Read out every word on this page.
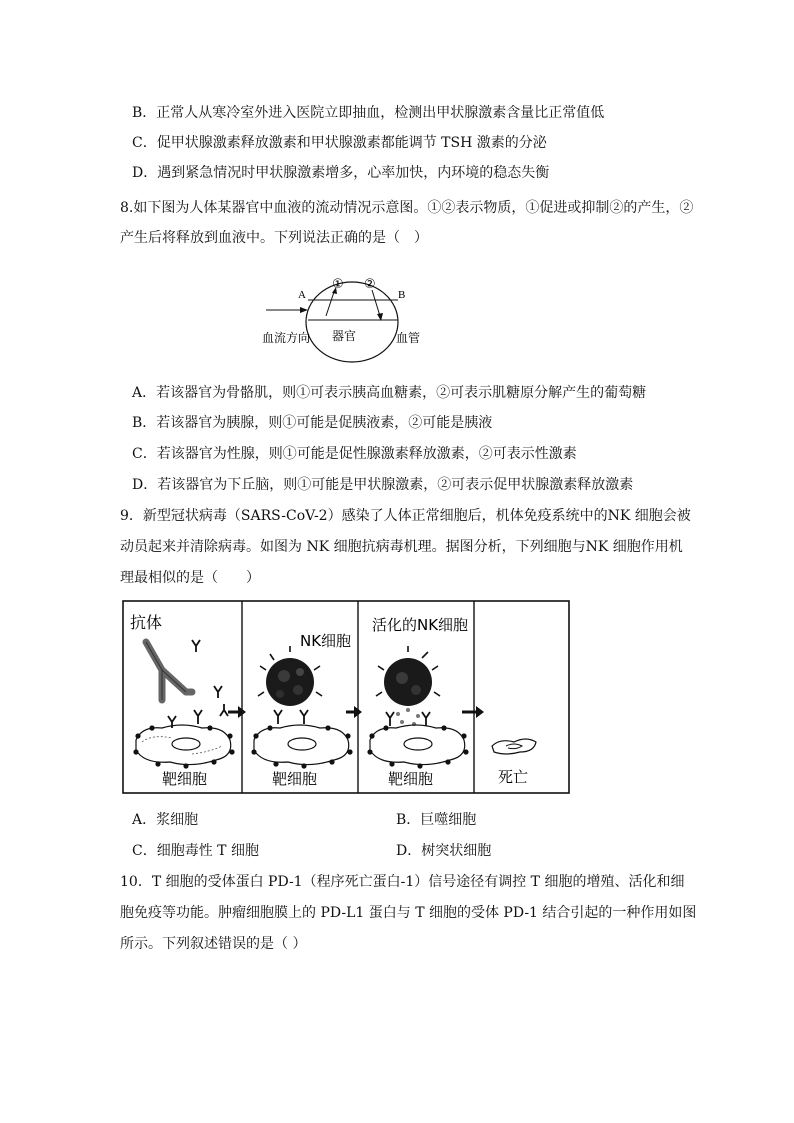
B．正常人从寒冷室外进入医院立即抽血，检测出甲状腺激素含量比正常值低
C．促甲状腺激素释放激素和甲状腺激素都能调节 TSH 激素的分泌
D．遇到紧急情况时甲状腺激素增多，心率加快，内环境的稳态失衡
8.如下图为人体某器官中血液的流动情况示意图。①②表示物质，①促进或抑制②的产生，②
产生后将释放到血液中。下列说法正确的是（　）
A	B
① ②
血流方向 器官	血管
A．若该器官为骨骼肌，则①可表示胰高血糖素，②可表示肌糖原分解产生的葡萄糖
B．若该器官为胰腺，则①可能是促胰液素，②可能是胰液
C．若该器官为性腺，则①可能是促性腺激素释放激素，②可表示性激素
D．若该器官为下丘脑，则①可能是甲状腺激素，②可表示促甲状腺激素释放激素
9．新型冠状病毒（SARS-CoV-2）感染了人体正常细胞后，机体免疫系统中的NK 细胞会被
动员起来并清除病毒。如图为 NK 细胞抗病毒机理。据图分析，下列细胞与NK 细胞作用机
理最相似的是（　　）
抗体
靶细胞
NK细胞
靶细胞
活化的NK细胞
靶细胞	死亡
A．浆细胞	B．巨噬细胞
C．细胞毒性 T 细胞	D．树突状细胞
10．T 细胞的受体蛋白 PD-1（程序死亡蛋白-1）信号途径有调控 T 细胞的增殖、活化和细
胞免疫等功能。肿瘤细胞膜上的 PD-L1 蛋白与 T 细胞的受体 PD-1 结合引起的一种作用如图
所示。下列叙述错误的是（ ）
